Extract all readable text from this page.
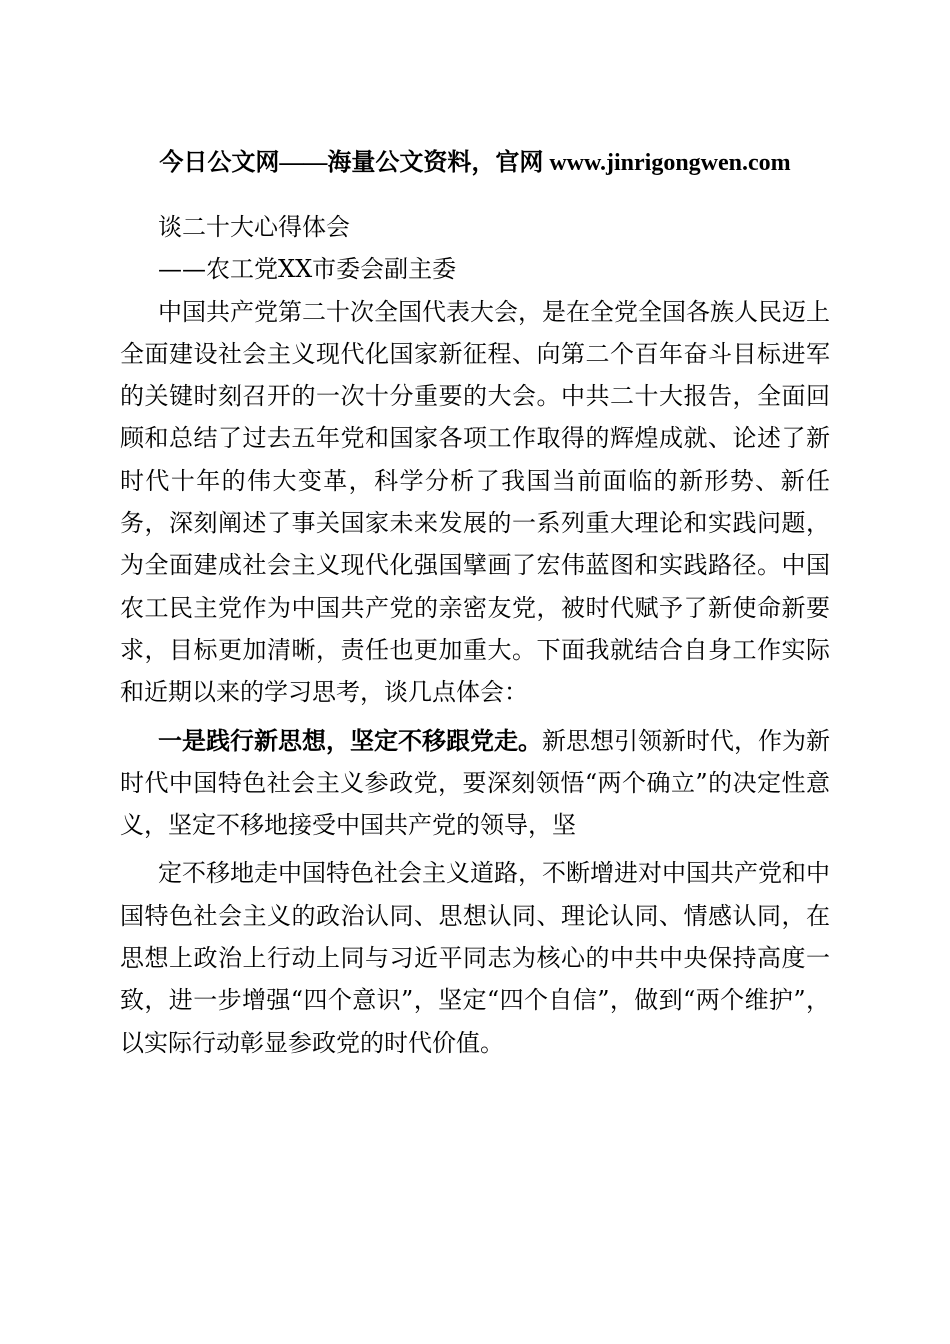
今日公文网——海量公文资料，官网 www.jinrigongwen.com
谈二十大心得体会
——农工党XX市委会副主委

中国共产党第二十次全国代表大会，是在全党全国各族人民迈上全面建设社会主义现代化国家新征程、向第二个百年奋斗目标进军的关键时刻召开的一次十分重要的大会。中共二十大报告，全面回顾和总结了过去五年党和国家各项工作取得的辉煌成就、论述了新时代十年的伟大变革，科学分析了我国当前面临的新形势、新任务，深刻阐述了事关国家未来发展的一系列重大理论和实践问题，为全面建成社会主义现代化强国擘画了宏伟蓝图和实践路径。中国农工民主党作为中国共产党的亲密友党，被时代赋予了新使命新要求，目标更加清晰，责任也更加重大。下面我就结合自身工作实际和近期以来的学习思考，谈几点体会：

一是践行新思想，坚定不移跟党走。新思想引领新时代，作为新时代中国特色社会主义参政党，要深刻领悟“两个确立”的决定性意义，坚定不移地接受中国共产党的领导，坚

定不移地走中国特色社会主义道路，不断增进对中国共产党和中国特色社会主义的政治认同、思想认同、理论认同、情感认同，在思想上政治上行动上同与习近平同志为核心的中共中央保持高度一致，进一步增强“四个意识”，坚定“四个自信”，做到“两个维护”，以实际行动彰显参政党的时代价值。
